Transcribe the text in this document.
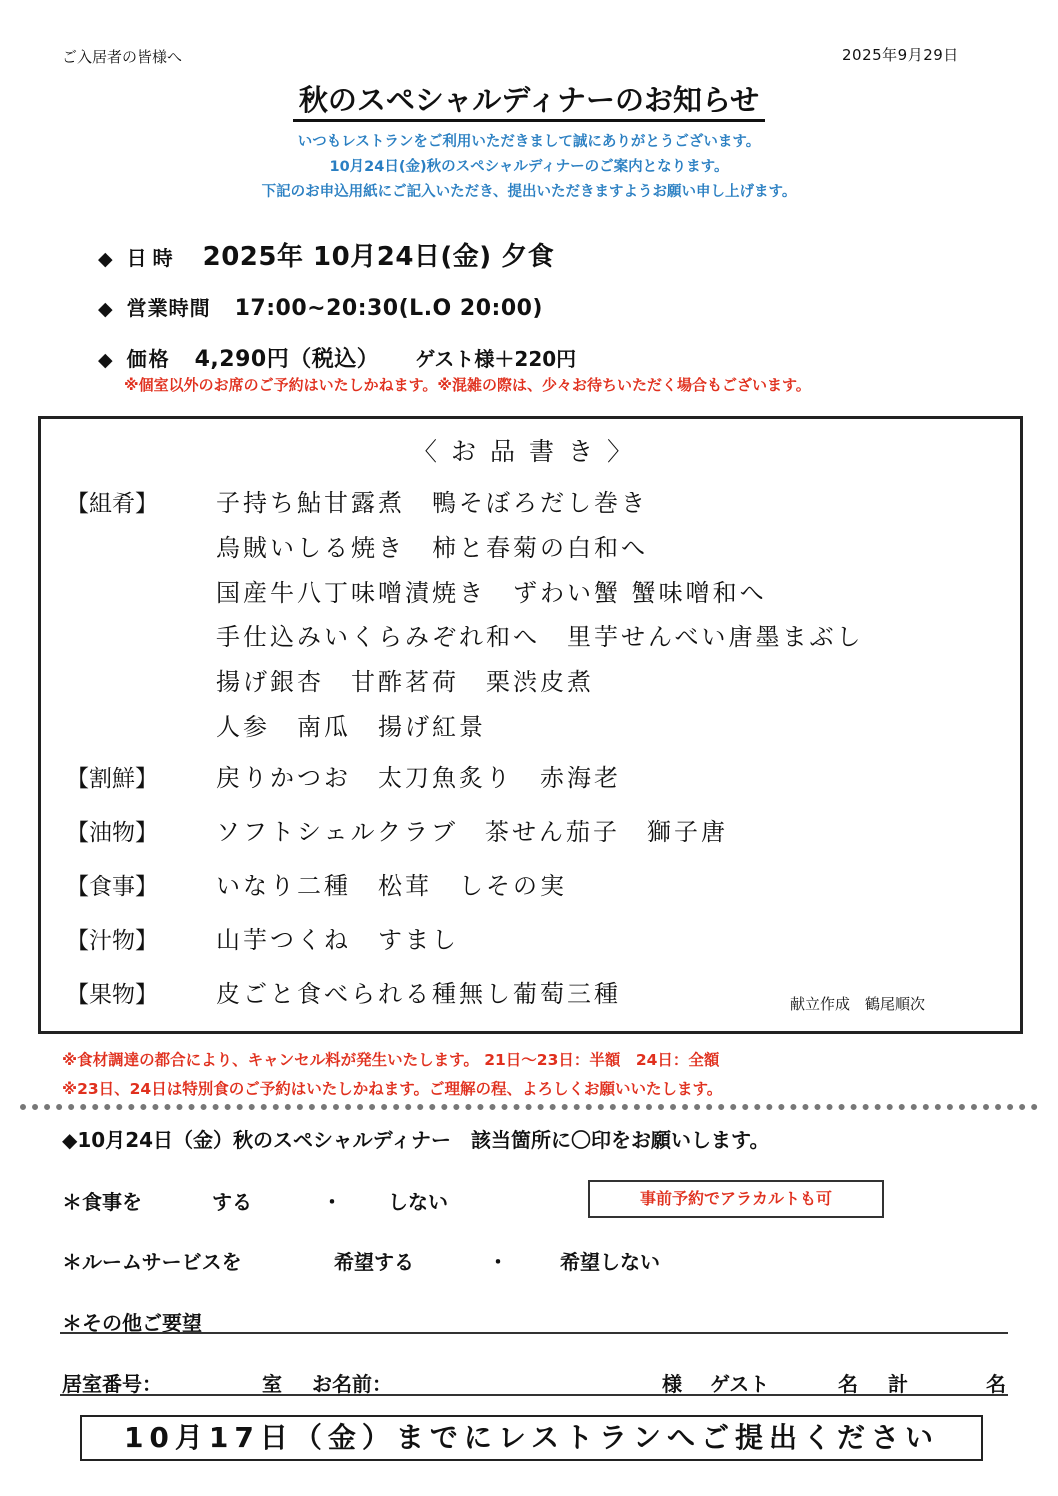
ご入居者の皆様へ	2025年9月29日
秋のスペシャルディナーのお知らせ
いつもレストランをご利用いただきまして誠にありがとうございます。
10月24日(金)秋のスペシャルディナーのご案内となります。
下記のお申込用紙にご記入いただき、提出いただきますようお願い申し上げます。
◆ 日時 2025年 10月24日(金) 夕食
◆ 営業時間 17:00~20:30(L.O 20:00)
◆ 価格 4,290円（税込） ゲスト様＋220円
※個室以外のお席のご予約はいたしかねます。※混雑の際は、少々お待ちいただく場合もございます。
〈お品書き〉
【組肴】 子持ち鮎甘露煮　鴨そぼろだし巻き
烏賊いしる焼き　柿と春菊の白和へ
国産牛八丁味噌漬焼き　ずわい蟹 蟹味噌和へ
手仕込みいくらみぞれ和へ　里芋せんべい唐墨まぶし
揚げ銀杏　甘酢茗荷　栗渋皮煮
人参　南瓜　揚げ紅景
【割鮮】 戻りかつお　太刀魚炙り　赤海老
【油物】 ソフトシェルクラブ　茶せん茄子　獅子唐
【食事】 いなり二種　松茸　しその実
【汁物】 山芋つくね　すまし
【果物】 皮ごと食べられる種無し葡萄三種	献立作成　鶴尾順次
※食材調達の都合により、キャンセル料が発生いたします。 21日～23日：半額　24日：全額
※23日、24日は特別食のご予約はいたしかねます。ご理解の程、よろしくお願いいたします。
◆10月24日（金）秋のスペシャルディナー　該当箇所に〇印をお願いします。
＊食事を	する	・ しない	事前予約でアラカルトも可
＊ルームサービスを	希望する	・	希望しない
＊その他ご要望
居室番号：	室 お名前：	様 ゲスト	名 計	名
10月17日（金）までにレストランへご提出ください
